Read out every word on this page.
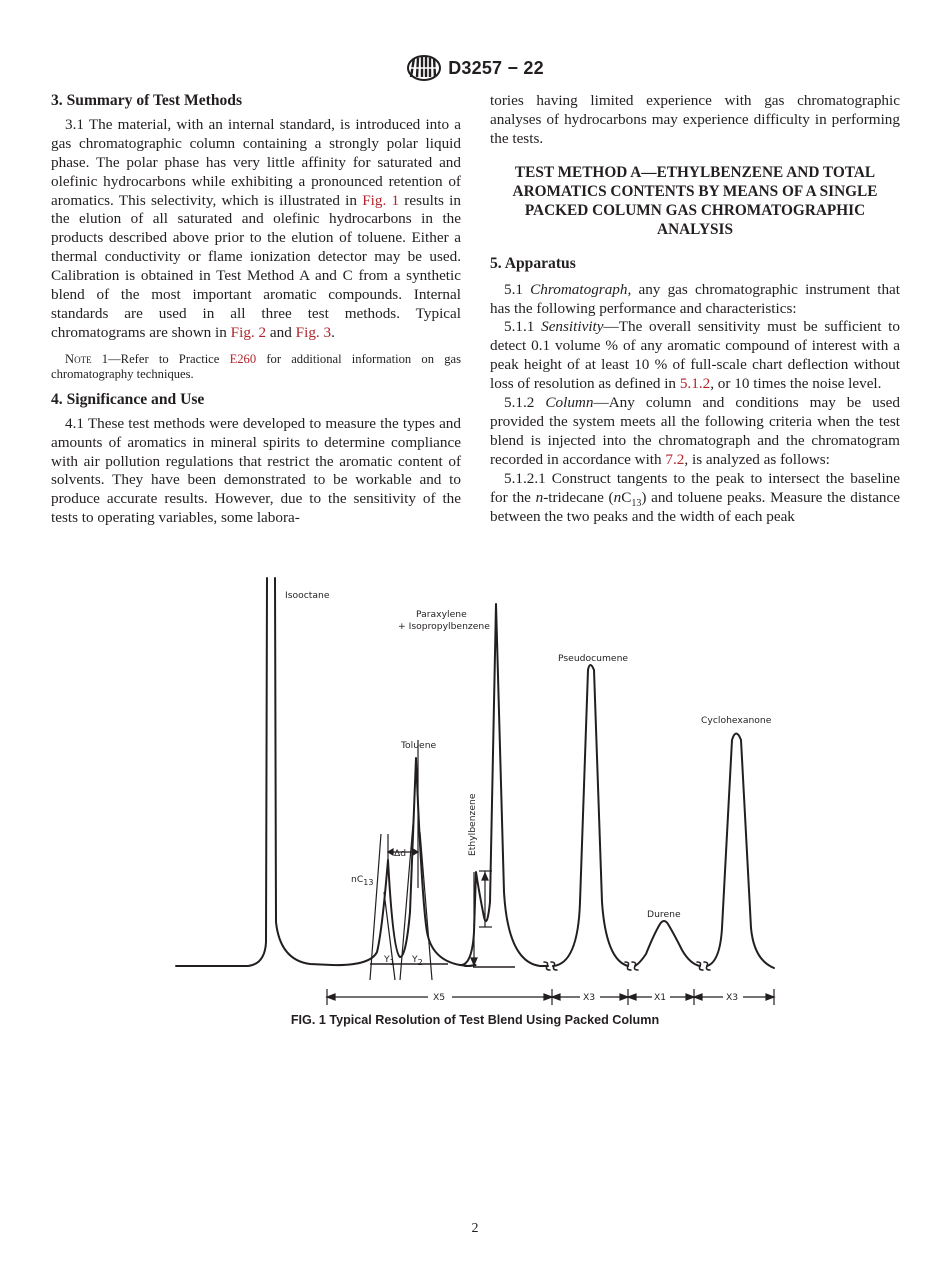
D3257 − 22

3. Summary of Test Methods

3.1 The material, with an internal standard, is introduced into a gas chromatographic column containing a strongly polar liquid phase. The polar phase has very little affinity for saturated and olefinic hydrocarbons while exhibiting a pronounced retention of aromatics. This selectivity, which is illustrated in Fig. 1 results in the elution of all saturated and olefinic hydrocarbons in the products described above prior to the elution of toluene. Either a thermal conductivity or flame ionization detector may be used. Calibration is obtained in Test Method A and C from a synthetic blend of the most important aromatic compounds. Internal standards are used in all three test methods. Typical chromatograms are shown in Fig. 2 and Fig. 3.

Note 1—Refer to Practice E260 for additional information on gas chromatography techniques.

4. Significance and Use

4.1 These test methods were developed to measure the types and amounts of aromatics in mineral spirits to determine compliance with air pollution regulations that restrict the aromatic content of solvents. They have been demonstrated to be workable and to produce accurate results. However, due to the sensitivity of the tests to operating variables, some labora-

tories having limited experience with gas chromatographic analyses of hydrocarbons may experience difficulty in performing the tests.

TEST METHOD A—ETHYLBENZENE AND TOTAL AROMATICS CONTENTS BY MEANS OF A SINGLE PACKED COLUMN GAS CHROMATOGRAPHIC ANALYSIS

5. Apparatus

5.1 Chromatograph, any gas chromatographic instrument that has the following performance and characteristics:

5.1.1 Sensitivity—The overall sensitivity must be sufficient to detect 0.1 volume % of any aromatic compound of interest with a peak height of at least 10 % of full-scale chart deflection without loss of resolution as defined in 5.1.2, or 10 times the noise level.

5.1.2 Column—Any column and conditions may be used provided the system meets all the following criteria when the test blend is injected into the chromatograph and the chromatogram recorded in accordance with 7.2, is analyzed as follows:

5.1.2.1 Construct tangents to the peak to intersect the baseline for the n-tridecane $(nC_{13})$ and toluene peaks. Measure the distance between the two peaks and the width of each peak

Isooctane
Paraxylene
+ Isopropylbenzene
Toluene
Ethylbenzene
nC13
Δd
Y1 Y2
Pseudocumene
Durene
Cyclohexanone
X5	X3	X1	X3
FIG. 1 Typical Resolution of Test Blend Using Packed Column
2
